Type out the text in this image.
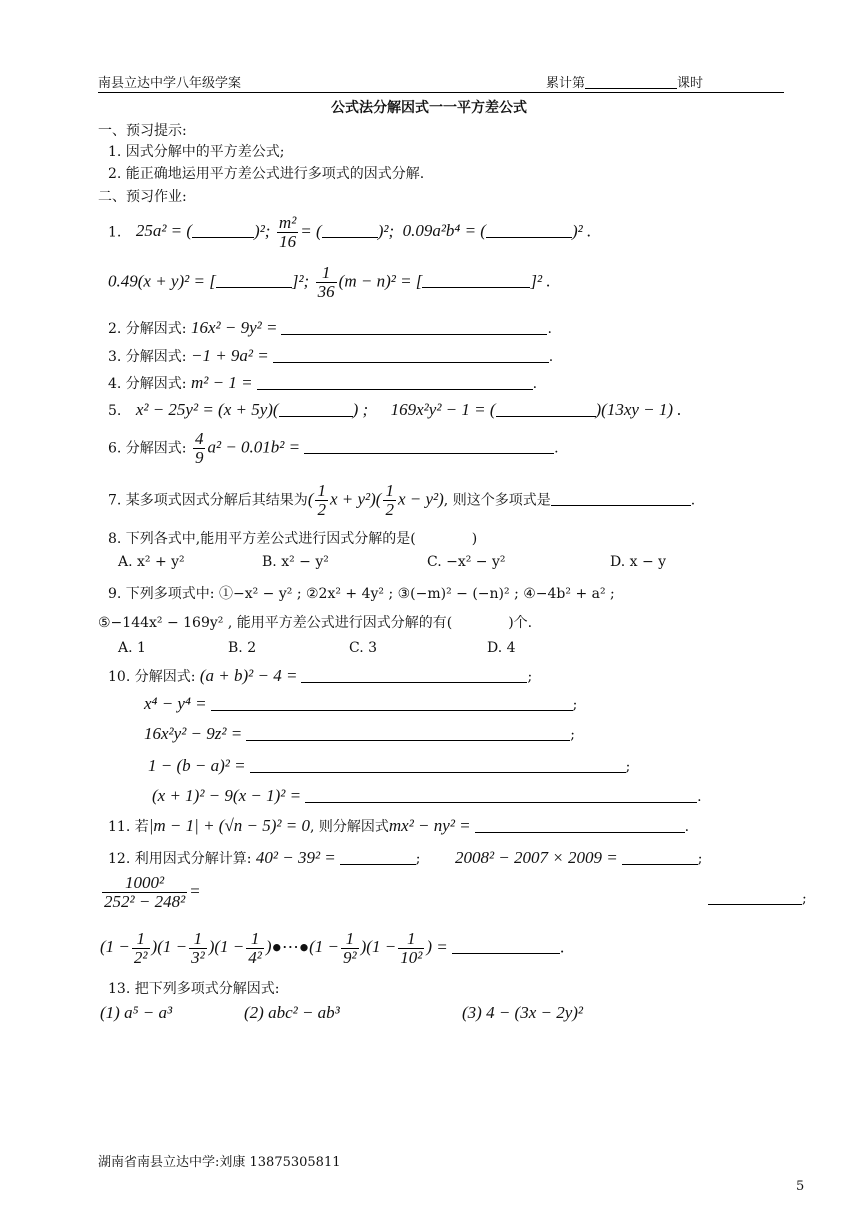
南县立达中学八年级学案	累计第	课时
公式法分解因式一一平方差公式
一、预习提示:
1. 因式分解中的平方差公式;
2. 能正确地运用平方差公式进行多项式的因式分解.
二、预习作业:
1. 25a² = (	)²; $\frac{\text{m²}}{16}$ = (	)²; 0.09a²b⁴ = (	)² .
0.49(x + y)² = [	]²; $\frac{1}{36} (m - n)^2$ = [	]² .
2. 分解因式: 16x² − 9y² =	.
3. 分解因式: −1 + 9a² =	.
4. 分解因式: m² − 1 =	.
5. x² − 25y² = (x + 5y)(	) ; 169x²y² − 1 = (	)(13xy − 1) .
6. 分解因式: $\frac{4}{9} a^2 - 0.01b^2$ =	.
7. 某多项式因式分解后其结果为( $\frac{1}{2}$ $x + y^2)( \frac{1}{2}$ x − y²), 则这个多项式是	.
8. 下列各式中,能用平方差公式进行因式分解的是(	)
A. x² + y²	B. x² − y²	C. −x² − y²	D. x − y
9. 下列多项式中: ①−x² − y² ; ②2x² + 4y² ; ③(−m)² − (−n)² ; ④−4b² + a² ;
⑤−144x² − 169y² , 能用平方差公式进行因式分解的有(	)个.
A. 1	B. 2	C. 3	D. 4
10. 分解因式: (a + b)² − 4 =	;
x⁴ − y⁴ =	;
16x²y² − 9z² =	;
1 − (b − a)² =	;
(x + 1)² − 9(x − 1)² =	.
11. 若|m − 1| + (√n − 5)² = 0, 则分解因式mx² − ny² =	.
12. 利用因式分解计算: 40² − 39² =	; 2008² − 2007 × 2009 =	;
$\frac{\text{1000²}}{\text{252² − 248²}}$ =	;
$(1 - \frac{1}{\text{2²}} )(1 - \frac{1}{\text{3²}} )(1 - \frac{1}{\text{4²}}$ )●⋯●(1 − $\frac{1}{\text{9²}} )(1 - \frac{1}{\text{10²}}$ ) =	.
13. 把下列多项式分解因式:
(1) a⁵ − a³	(2) abc² − ab³	(3) 4 − (3x − 2y)²
湖南省南县立达中学:刘康 13875305811
5
